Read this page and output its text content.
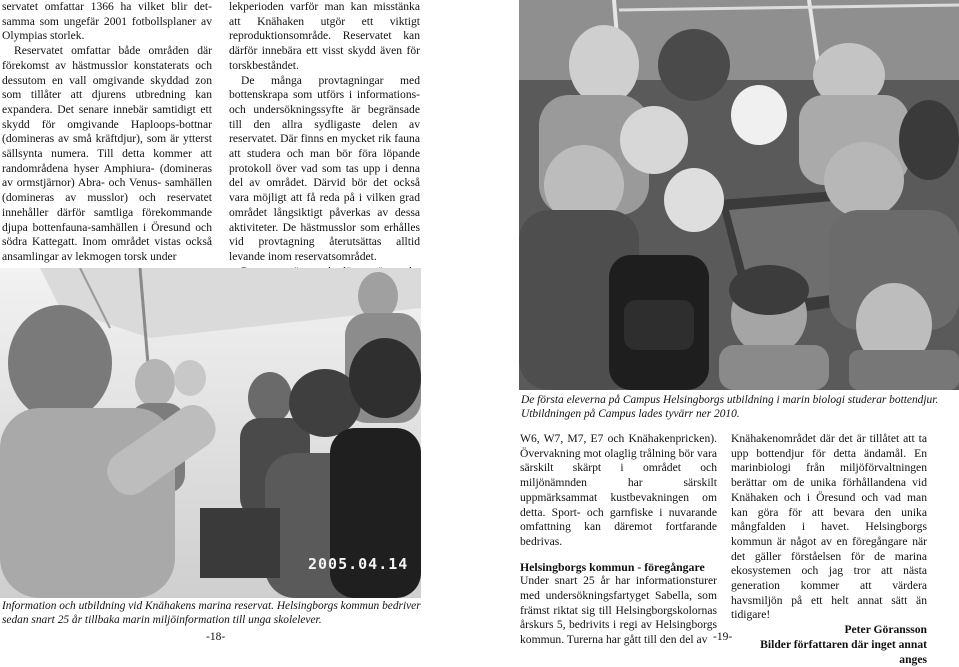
servatet omfattar 1366 ha vilket blir det-samma som ungefär 2001 fotbollsplaner av Olympias storlek.

Reservatet omfattar både områden där förekomst av hästmusslor konstaterats och dessutom en vall omgivande skyddad zon som tillåter att djurens utbredning kan expandera. Det senare innebär samtidigt ett skydd för omgivande Haploops-bottnar (domineras av små kräftdjur), som är ytterst sällsynta numera. Till detta kommer att randområdena hyser Amphiura- (domineras av ormstjärnor) Abra- och Venus- samhällen (domineras av musslor) och reservatet innehåller därför samtliga förekommande djupa bottenfauna-samhällen i Öresund och södra Kattegatt. Inom området vistas också ansamlingar av lekmogen torsk under

lekperioden varför man kan misstänka att Knähaken utgör ett viktigt reproduktionsområde. Reservatet kan därför innebära ett visst skydd även för torskbeståndet.

De många provtagningar med bottenskrapa som utförs i informations- och undersökningssyfte är begränsade till den allra sydligaste delen av reservatet. Där finns en mycket rik fauna att studera och man bör föra löpande protokoll över vad som tas upp i denna del av området. Därvid bör det också vara möjligt att få reda på i vilken grad området långsiktigt påverkas av dessa aktiviteter. De hästmusslor som erhålles vid provtagning återutsättas alltid levande inom reservatsområdet.

2005.04.14
Information och utbildning vid Knähakens marina reservat. Helsingborgs kommun bedriver sedan snart 25 år tillbaka marin miljöinformation till unga skolelever.
-18-
De första eleverna på Campus Helsingborgs utbildning i marin biologi studerar bottendjur. Utbildningen på Campus lades tyvärr ner 2010.

W6, W7, M7, E7 och Knähakenpricken). Övervakning mot olaglig trålning bör vara särskilt skärpt i området och miljönämnden har särskilt uppmärksammat kustbevakningen om detta. Sport- och garnfiske i nuvarande omfattning kan däremot fortfarande bedrivas.

Helsingborgs kommun - föregångare

Under snart 25 år har informationsturer med undersökningsfartyget Sabella, som främst riktat sig till Helsingborgskolornas årskurs 5, bedrivits i regi av Helsingborgs kommun. Turerna har gått till den del av

Knähakenområdet där det är tillåtet att ta upp bottendjur för detta ändamål. En marinbiologi från miljöförvaltningen berättar om de unika förhållandena vid Knähaken och i Öresund och vad man kan göra för att bevara den unika mångfalden i havet. Helsingborgs kommun är något av en föregångare när det gäller förståelsen för de marina ekosystemen och jag tror att nästa generation kommer att värdera havsmiljön på ett helt annat sätt än tidigare!

Peter Göransson

Bilder författaren där inget annat anges

-19-
